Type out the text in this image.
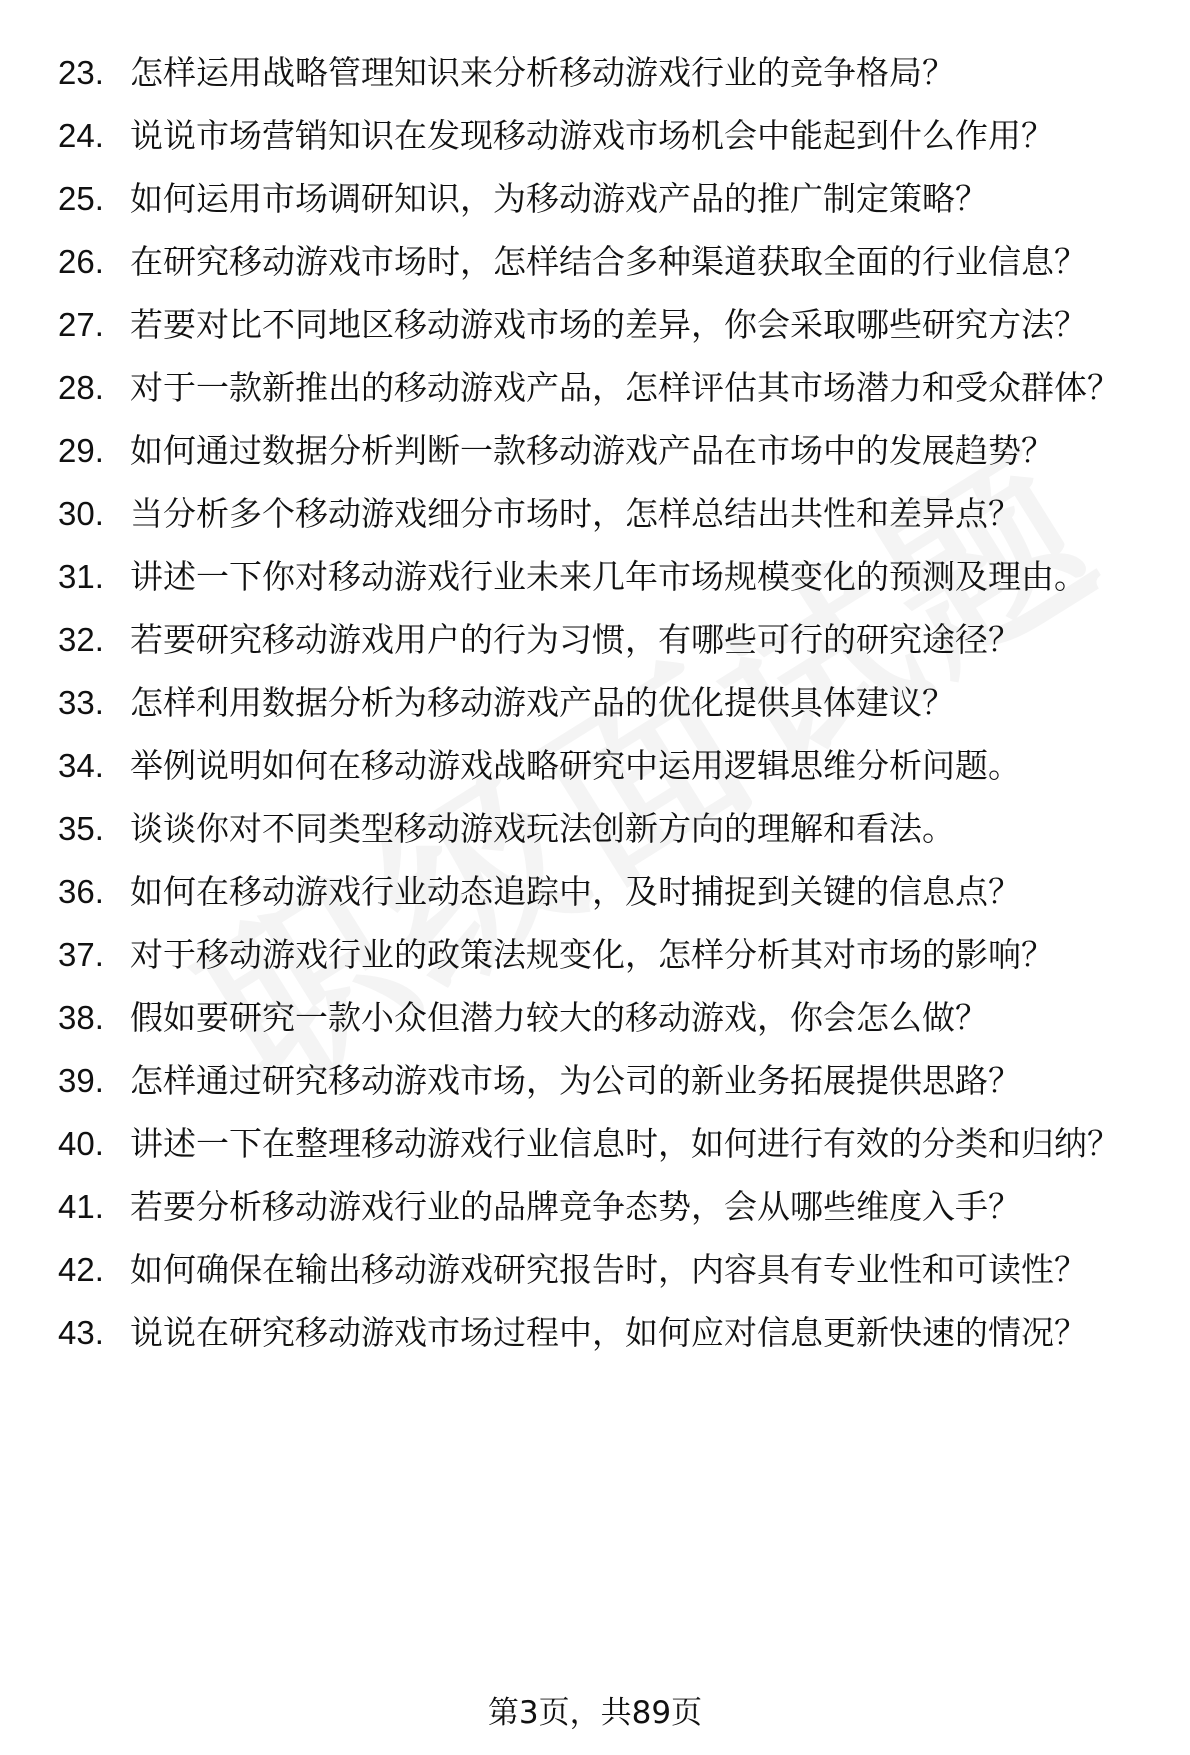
23. 怎样运用战略管理知识来分析移动游戏行业的竞争格局？
24. 说说市场营销知识在发现移动游戏市场机会中能起到什么作用？
25. 如何运用市场调研知识，为移动游戏产品的推广制定策略？
26. 在研究移动游戏市场时，怎样结合多种渠道获取全面的行业信息？
27. 若要对比不同地区移动游戏市场的差异，你会采取哪些研究方法？
28. 对于一款新推出的移动游戏产品，怎样评估其市场潜力和受众群体？
29. 如何通过数据分析判断一款移动游戏产品在市场中的发展趋势？
30. 当分析多个移动游戏细分市场时，怎样总结出共性和差异点？
31. 讲述一下你对移动游戏行业未来几年市场规模变化的预测及理由。
32. 若要研究移动游戏用户的行为习惯，有哪些可行的研究途径？
33. 怎样利用数据分析为移动游戏产品的优化提供具体建议？
34. 举例说明如何在移动游戏战略研究中运用逻辑思维分析问题。
35. 谈谈你对不同类型移动游戏玩法创新方向的理解和看法。
36. 如何在移动游戏行业动态追踪中，及时捕捉到关键的信息点？
37. 对于移动游戏行业的政策法规变化，怎样分析其对市场的影响？
38. 假如要研究一款小众但潜力较大的移动游戏，你会怎么做？
39. 怎样通过研究移动游戏市场，为公司的新业务拓展提供思路？
40. 讲述一下在整理移动游戏行业信息时，如何进行有效的分类和归纳？
41. 若要分析移动游戏行业的品牌竞争态势，会从哪些维度入手？
42. 如何确保在输出移动游戏研究报告时，内容具有专业性和可读性？
43. 说说在研究移动游戏市场过程中，如何应对信息更新快速的情况？
第3页，共89页
